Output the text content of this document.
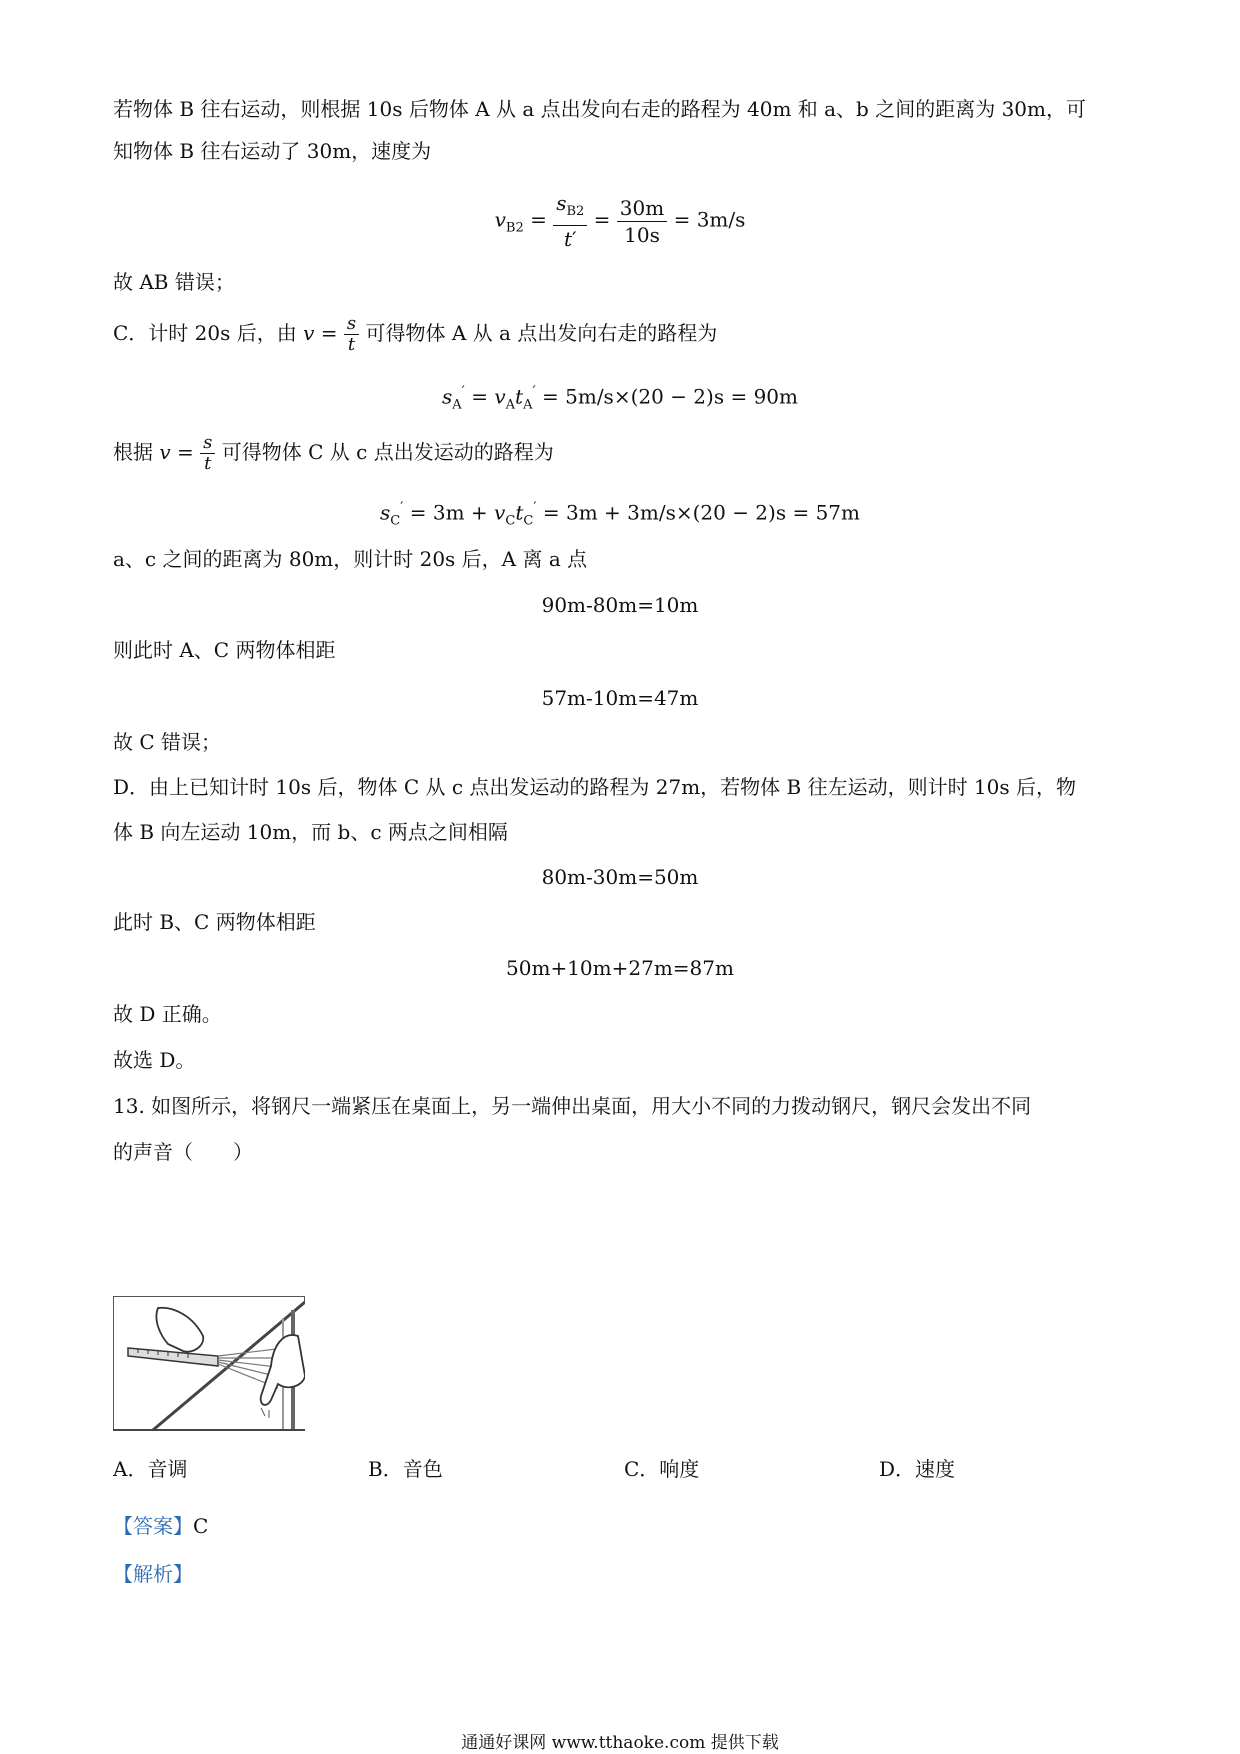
若物体 B 往右运动，则根据 10s 后物体 A 从 a 点出发向右走的路程为 40m 和 a、b 之间的距离为 30m，可
知物体 B 往右运动了 30m，速度为
$v_{B2} = \frac{s_{B2}}{t'} = \frac{30m}{10s} = 3m/s$
故 AB 错误；
C．计时 20s 后，由 $v = \frac{s}{t}$ 可得物体 A 从 a 点出发向右走的路程为
$s_A' = v_At_A' = 5m/s\times(20 - 2)s = 90m$
根据 $v = \frac{s}{t}$ 可得物体 C 从 c 点出发运动的路程为
$s_C' = 3m + v_Ct_C' = 3m + 3m/s\times(20 - 2)s = 57m$
a、c 之间的距离为 80m，则计时 20s 后，A 离 a 点
90m-80m=10m
则此时 A、C 两物体相距
57m-10m=47m
故 C 错误；
D．由上已知计时 10s 后，物体 C 从 c 点出发运动的路程为 27m，若物体 B 往左运动，则计时 10s 后，物
体 B 向左运动 10m，而 b、c 两点之间相隔
80m-30m=50m
此时 B、C 两物体相距
50m+10m+27m=87m
故 D 正确。
故选 D。
13. 如图所示，将钢尺一端紧压在桌面上，另一端伸出桌面，用大小不同的力拨动钢尺，钢尺会发出不同
的声音（　　）
A．音调	B．音色	C．响度	D．速度
【答案】C
【解析】
通通好课网 www.tthaoke.com 提供下载
